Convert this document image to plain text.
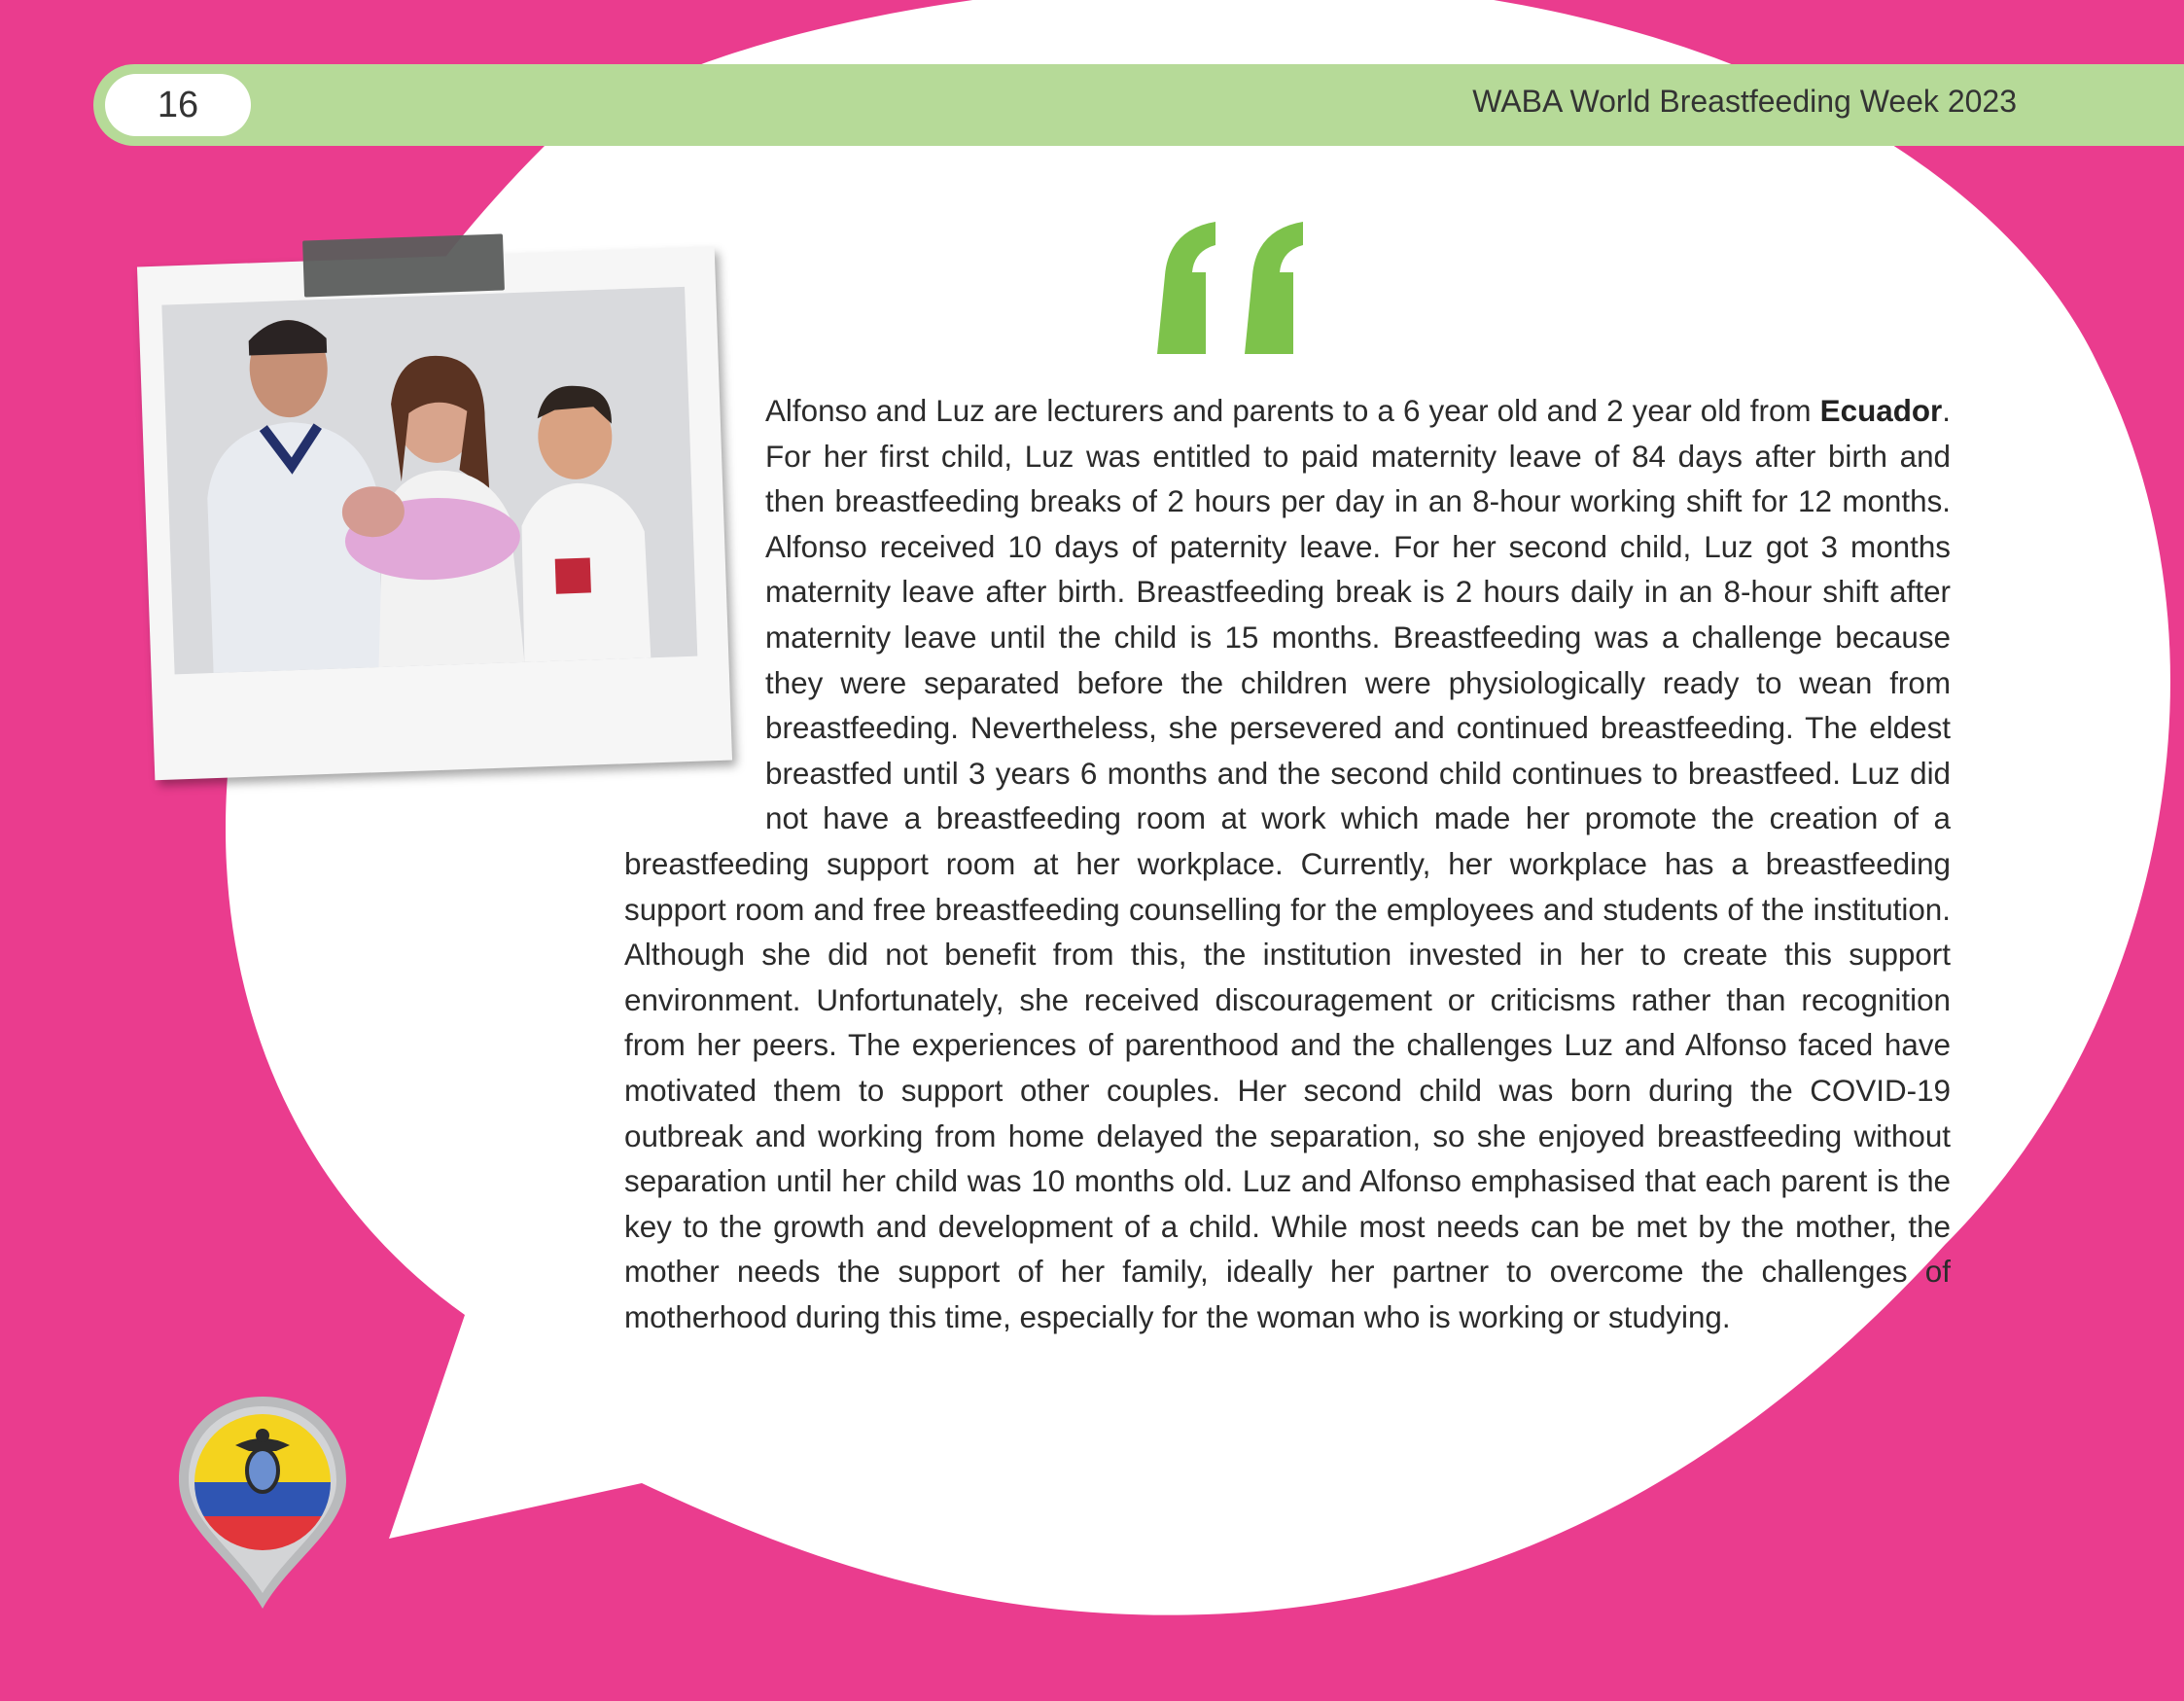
16	WABA World Breastfeeding Week 2023

Alfonso and Luz are lecturers and parents to a 6 year old and 2 year old from Ecuador. For her first child, Luz was entitled to paid maternity leave of 84 days after birth and then breastfeeding breaks of 2 hours per day in an 8-hour working shift for 12 months. Alfonso received 10 days of paternity leave. For her second child, Luz got 3 months maternity leave after birth. Breastfeeding break is 2 hours daily in an 8-hour shift after maternity leave until the child is 15 months. Breastfeeding was a challenge because they were separated before the children were physiologically ready to wean from breastfeeding. Nevertheless, she persevered and continued breastfeeding. The eldest breastfed until 3 years 6 months and the second child continues to breastfeed. Luz did not have a breastfeeding room at work which made her promote the creation of a breastfeeding support room at her workplace. Currently, her workplace has a breastfeeding support room and free breastfeeding counselling for the employees and students of the institution. Although she did not benefit from this, the institution invested in her to create this support environment. Unfortunately, she received discouragement or criticisms rather than recognition from her peers. The experiences of parenthood and the challenges Luz and Alfonso faced have motivated them to support other couples. Her second child was born during the COVID-19 outbreak and working from home delayed the separation, so she enjoyed breastfeeding without separation until her child was 10 months old. Luz and Alfonso emphasised that each parent is the key to the growth and development of a child. While most needs can be met by the mother, the mother needs the support of her family, ideally her partner to overcome the challenges of motherhood during this time, especially for the woman who is working or studying.
